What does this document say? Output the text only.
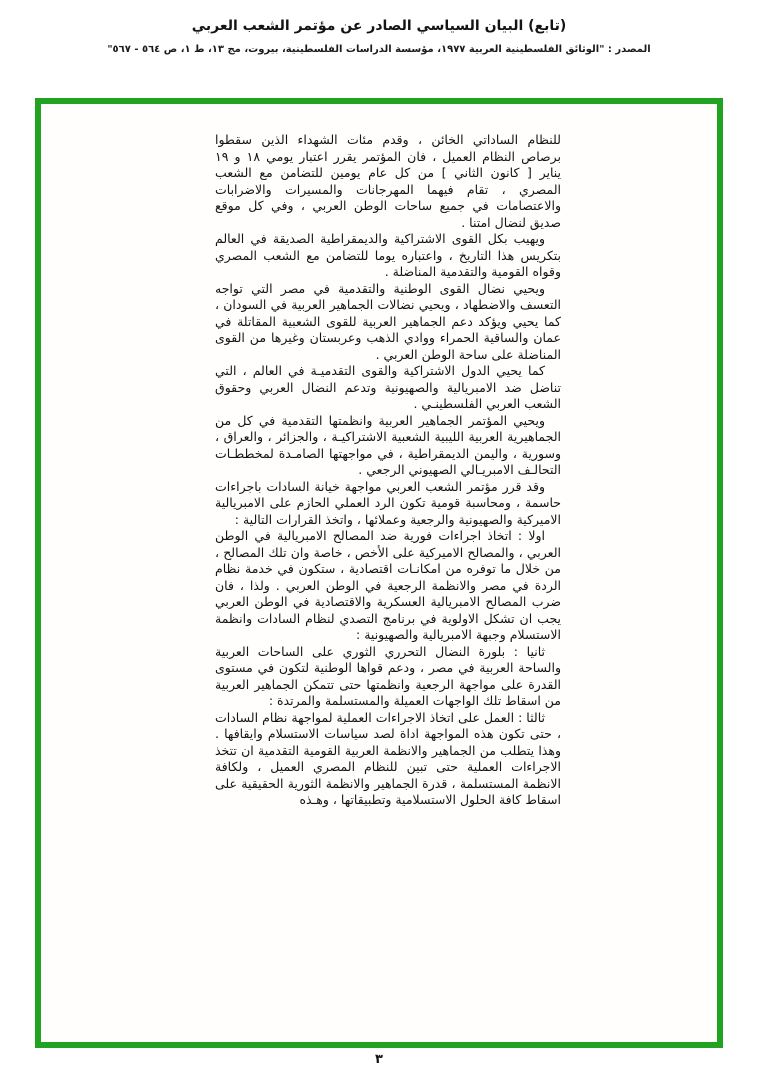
(تابع) البيان السياسي الصادر عن مؤتمر الشعب العربي
المصدر : "الوثائق الفلسطينية العربية ١٩٧٧، مؤسسة الدراسات الفلسطينية، بيروت، مج ١٣، ط ١، ص ٥٦٤ - ٥٦٧"

للنظام الساداتي الخائن ، وقدم مئات الشهداء الذين سقطوا برصاص النظام العميل ، فان المؤتمر يقرر اعتبار يومي ١٨ و ١٩ يناير [ كانون الثاني ] من كل عام يومين للتضامن مع الشعب المصري ، تقام فيهما المهرجانات والمسيرات والاضرابات والاعتصامات في جميع ساحات الوطن العربي ، وفي كل موقع صديق لنضال امتنا .

ويهيب بكل القوى الاشتراكية والديمقراطية الصديقة في العالم بتكريس هذا التاريخ ، واعتباره يوما للتضامن مع الشعب المصري وقواه القومية والتقدمية المناضلة .

ويحيي نضال القوى الوطنية والتقدمية في مصر التي تواجه التعسف والاضطهاد ، ويحيي نضالات الجماهير العربية في السودان ، كما يحيي ويؤكد دعم الجماهير العربية للقوى الشعبية المقاتلة في عمان والساقية الحمراء ووادي الذهب وعربستان وغيرها من القوى المناضلة على ساحة الوطن العربي .

كما يحيي الدول الاشتراكية والقوى التقدميـة في العالم ، التي تناضل ضد الامبريالية والصهيونية وتدعم النضال العربي وحقوق الشعب العربي الفلسطينـي .

ويحيي المؤتمر الجماهير العربية وانظمتها التقدمية في كل من الجماهيرية العربية الليبية الشعبية الاشتراكيـة ، والجزائر ، والعراق ، وسورية ، واليمن الديمقراطية ، في مواجهتها الصامـدة لمخططـات التحالـف الامبريـالي الصهيوني الرجعي .

وقد قرر مؤتمر الشعب العربي مواجهة خيانة السادات باجراءات حاسمة ، ومحاسبة قومية تكون الرد العملي الحازم على الامبريالية الاميركية والصهيونية والرجعية وعملائها ، واتخذ القرارات التالية :

اولا : اتخاذ اجراءات فورية ضد المصالح الامبريالية في الوطن العربي ، والمصالح الاميركية على الأخص ، خاصة وان تلك المصالح ، من خلال ما توفره من امكانـات اقتصادية ، ستكون في خدمة نظام الردة في مصر والانظمة الرجعية في الوطن العربي . ولذا ، فان ضرب المصالح الامبريالية العسكرية والاقتصادية في الوطن العربي يجب ان تشكل الاولوية في برنامج التصدي لنظام السادات وانظمة الاستسلام وجبهة الامبريالية والصهيونية :

ثانيا : بلورة النضال التحرري الثوري على الساحات العربية والساحة العربية في مصر ، ودعم قواها الوطنية لتكون في مستوى القدرة على مواجهة الرجعية وانظمتها حتى تتمكن الجماهير العربية من اسقاط تلك الواجهات العميلة والمستسلمة والمرتدة :

ثالثا : العمل على اتخاذ الاجراءات العملية لمواجهة نظام السادات ، حتى تكون هذه المواجهة اداة لصد سياسات الاستسلام وايقافها . وهذا يتطلب من الجماهير والانظمة العربية القومية التقدمية ان تتخذ الاجراءات العملية حتى تبين للنظام المصري العميل ، ولكافة الانظمة المستسلمة ، قدرة الجماهير والانظمة الثورية الحقيقية على اسقاط كافة الحلول الاستسلامية وتطبيقاتها ، وهـذه

٣
